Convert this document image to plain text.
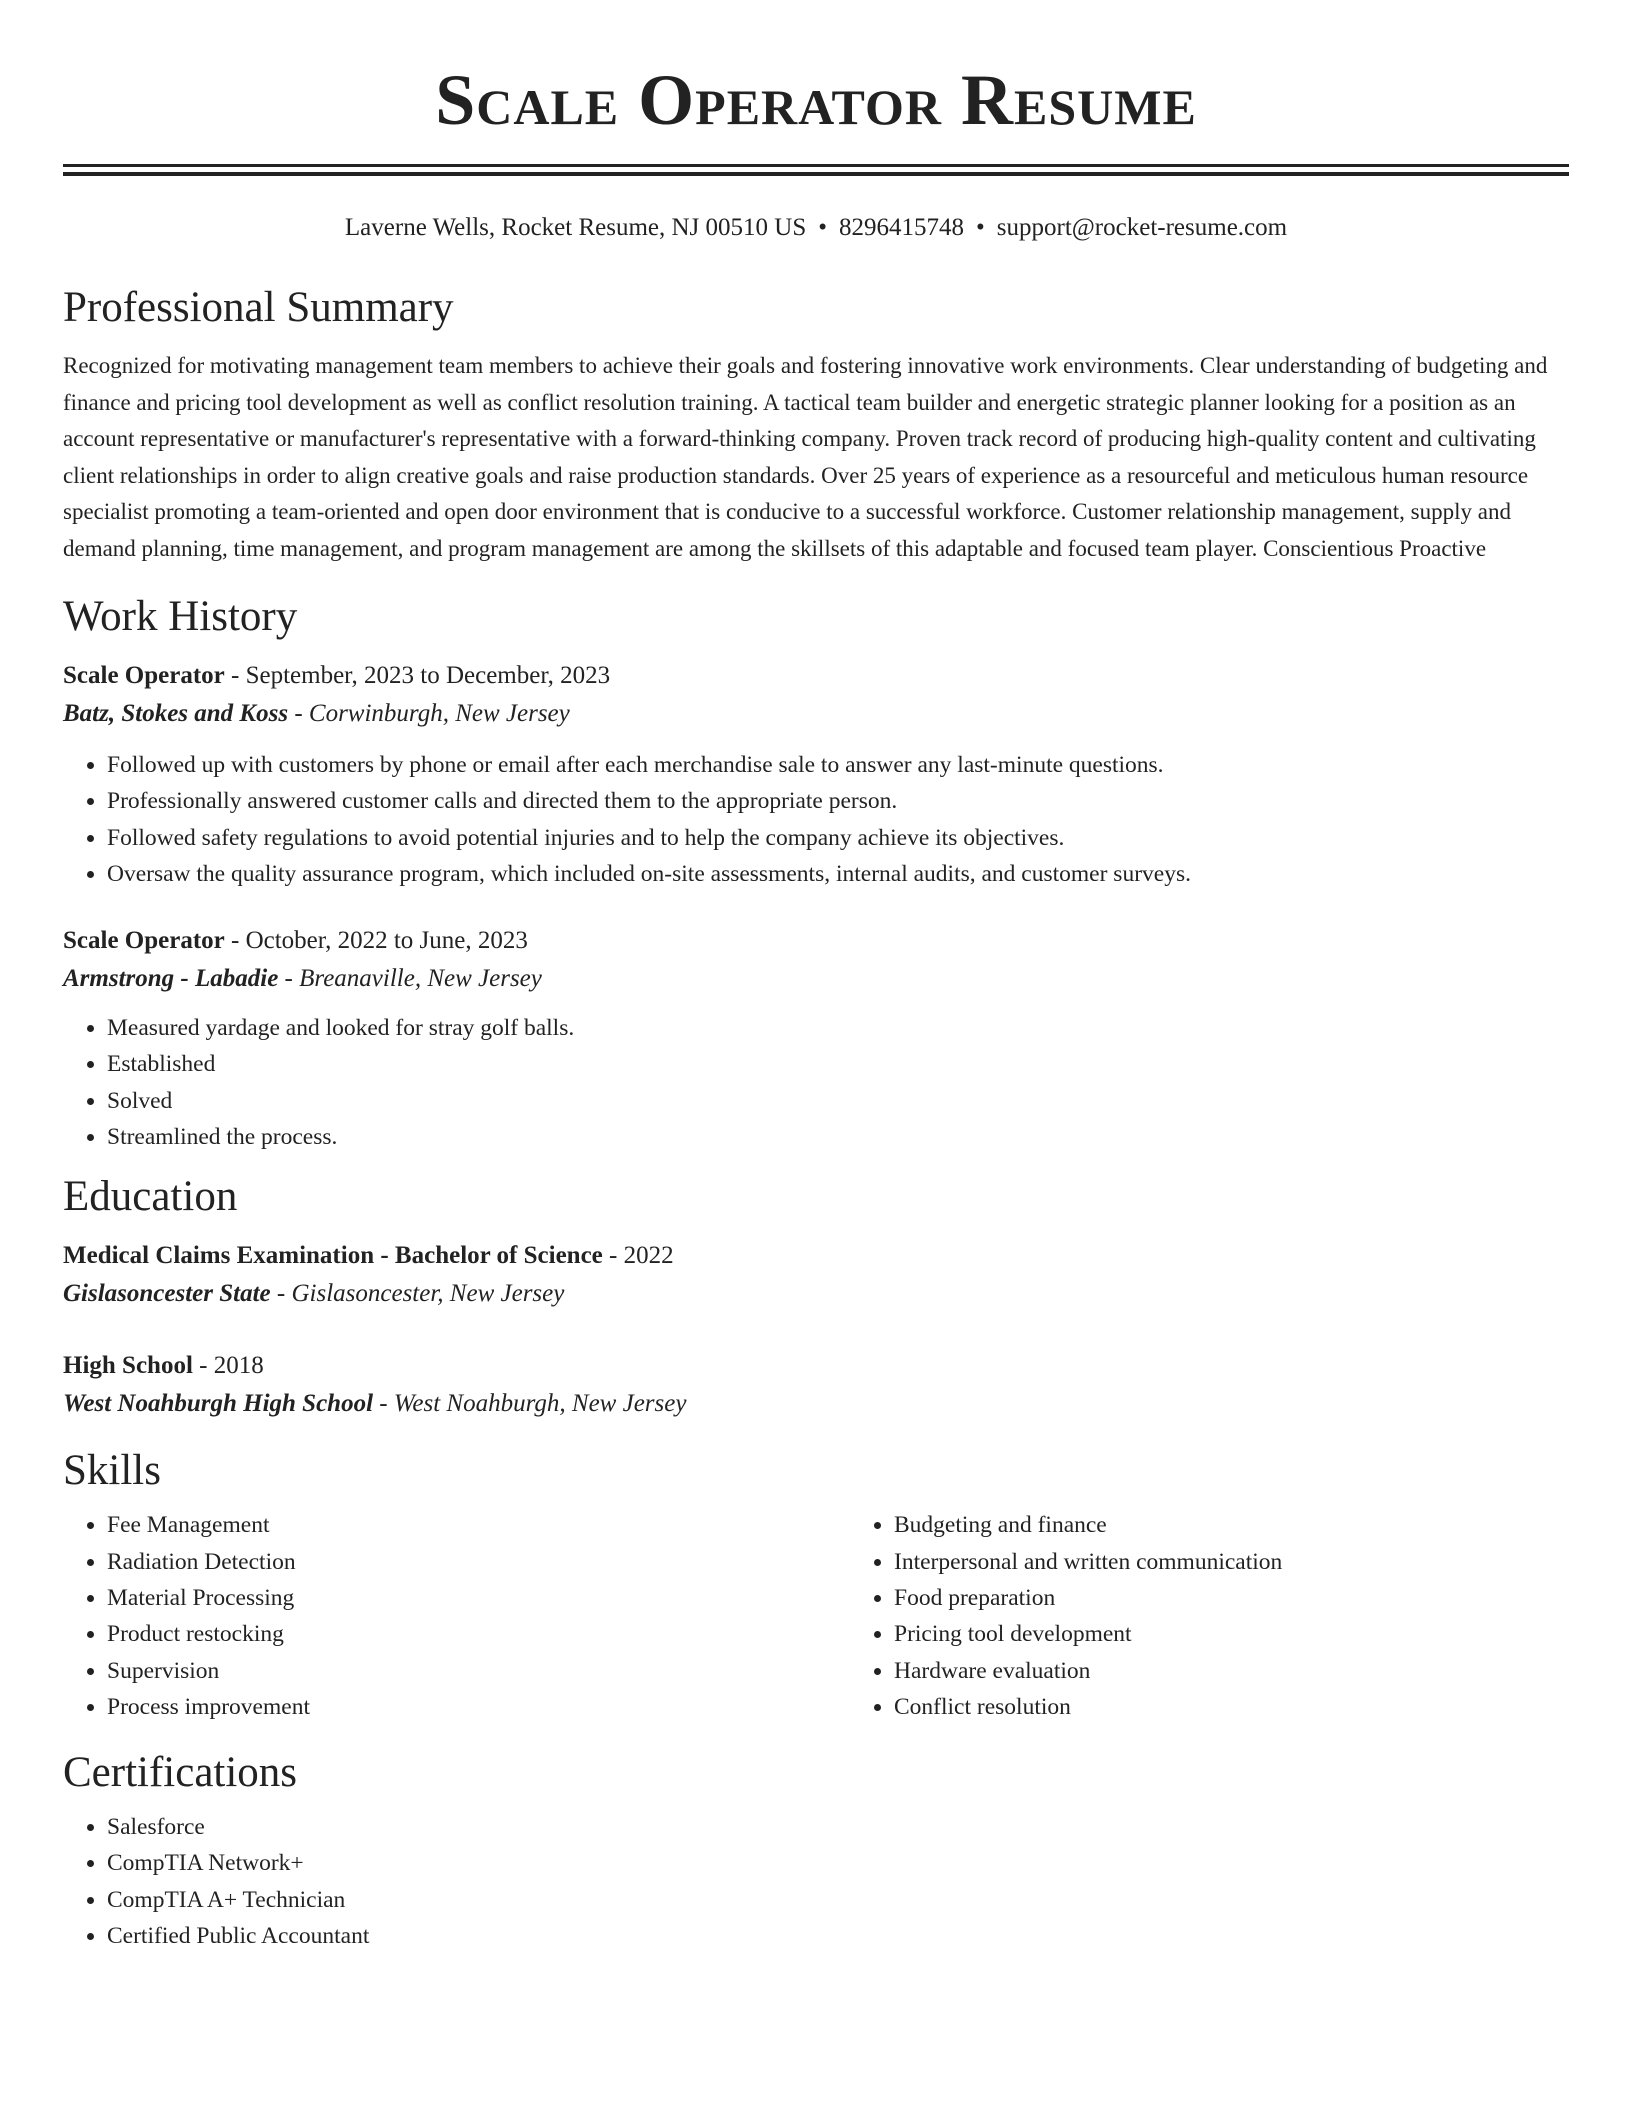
Scale Operator Resume
Laverne Wells, Rocket Resume, NJ 00510 US • 8296415748 • support@rocket-resume.com
Professional Summary
Recognized for motivating management team members to achieve their goals and fostering innovative work environments. Clear understanding of budgeting and finance and pricing tool development as well as conflict resolution training. A tactical team builder and energetic strategic planner looking for a position as an account representative or manufacturer's representative with a forward-thinking company. Proven track record of producing high-quality content and cultivating client relationships in order to align creative goals and raise production standards. Over 25 years of experience as a resourceful and meticulous human resource specialist promoting a team-oriented and open door environment that is conducive to a successful workforce. Customer relationship management, supply and demand planning, time management, and program management are among the skillsets of this adaptable and focused team player. Conscientious Proactive
Work History
Scale Operator - September, 2023 to December, 2023
Batz, Stokes and Koss - Corwinburgh, New Jersey
• Followed up with customers by phone or email after each merchandise sale to answer any last-minute questions.
• Professionally answered customer calls and directed them to the appropriate person.
• Followed safety regulations to avoid potential injuries and to help the company achieve its objectives.
• Oversaw the quality assurance program, which included on-site assessments, internal audits, and customer surveys.
Scale Operator - October, 2022 to June, 2023
Armstrong - Labadie - Breanaville, New Jersey
• Measured yardage and looked for stray golf balls.
• Established
• Solved
• Streamlined the process.
Education
Medical Claims Examination - Bachelor of Science - 2022
Gislasoncester State - Gislasoncester, New Jersey
High School - 2018
West Noahburgh High School - West Noahburgh, New Jersey
Skills
• Fee Management
• Radiation Detection
• Material Processing
• Product restocking
• Supervision
• Process improvement
• Budgeting and finance
• Interpersonal and written communication
• Food preparation
• Pricing tool development
• Hardware evaluation
• Conflict resolution
Certifications
• Salesforce
• CompTIA Network+
• CompTIA A+ Technician
• Certified Public Accountant
